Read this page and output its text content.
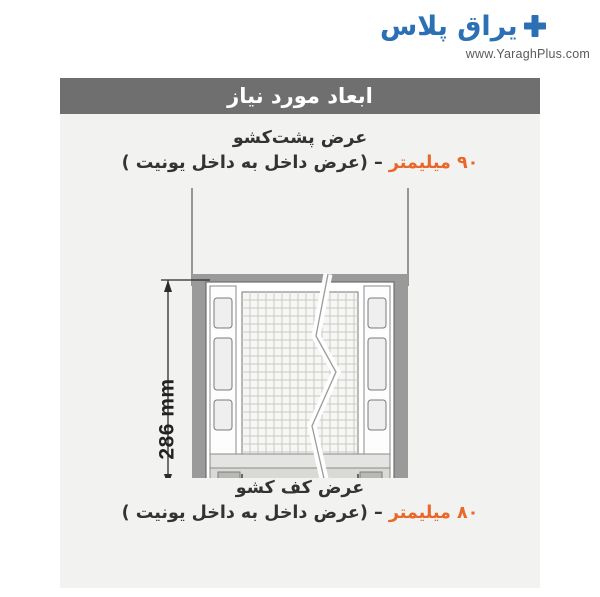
یراق پلاس
www.YaraghPlus.com
ابعاد مورد نیاز
عرض پشت‌کشو
۹۰ میلیمتر – (عرض داخل به داخل یونیت )
286 mm
عرض کف کشو
۸۰ میلیمتر – (عرض داخل به داخل یونیت )
